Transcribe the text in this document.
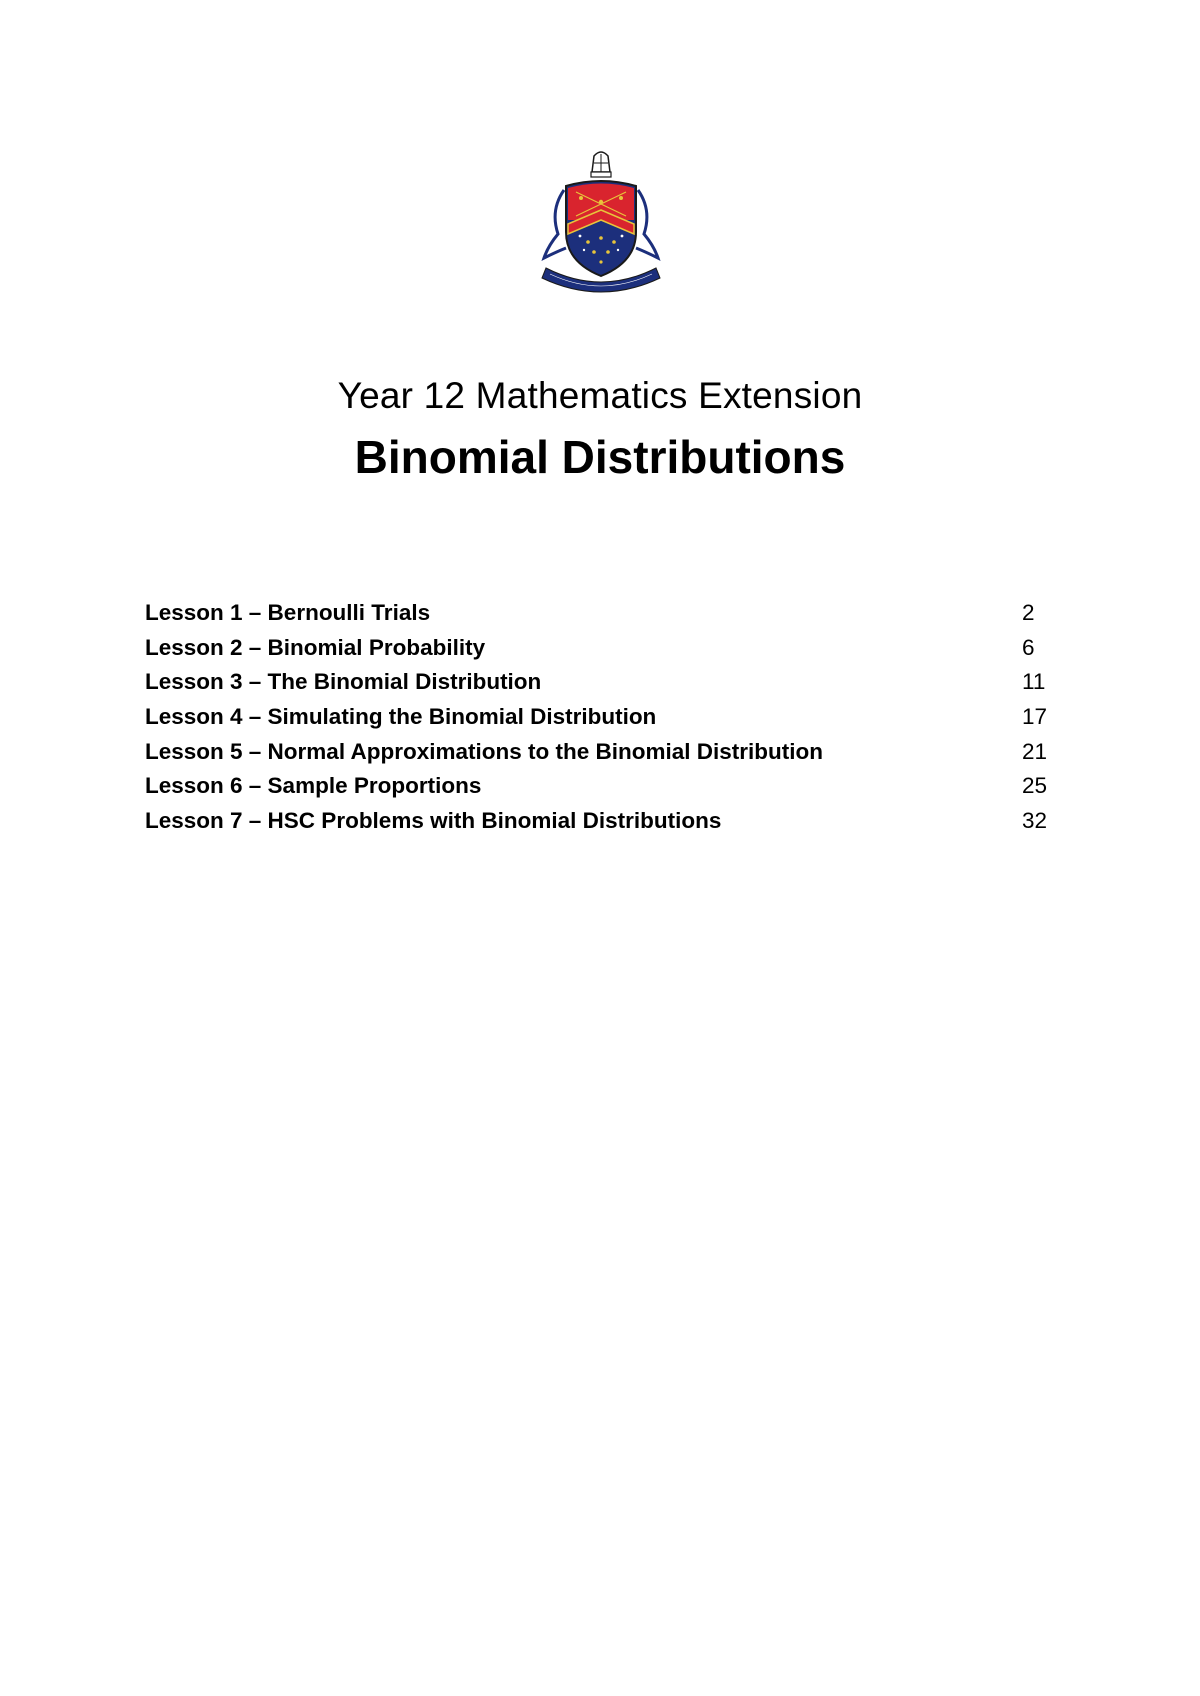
Year 12 Mathematics Extension
Binomial Distributions
Lesson 1 – Bernoulli Trials	2
Lesson 2 – Binomial Probability	6
Lesson 3 – The Binomial Distribution	11
Lesson 4 – Simulating the Binomial Distribution	17
Lesson 5 – Normal Approximations to the Binomial Distribution	21
Lesson 6 – Sample Proportions	25
Lesson 7 – HSC Problems with Binomial Distributions	32
